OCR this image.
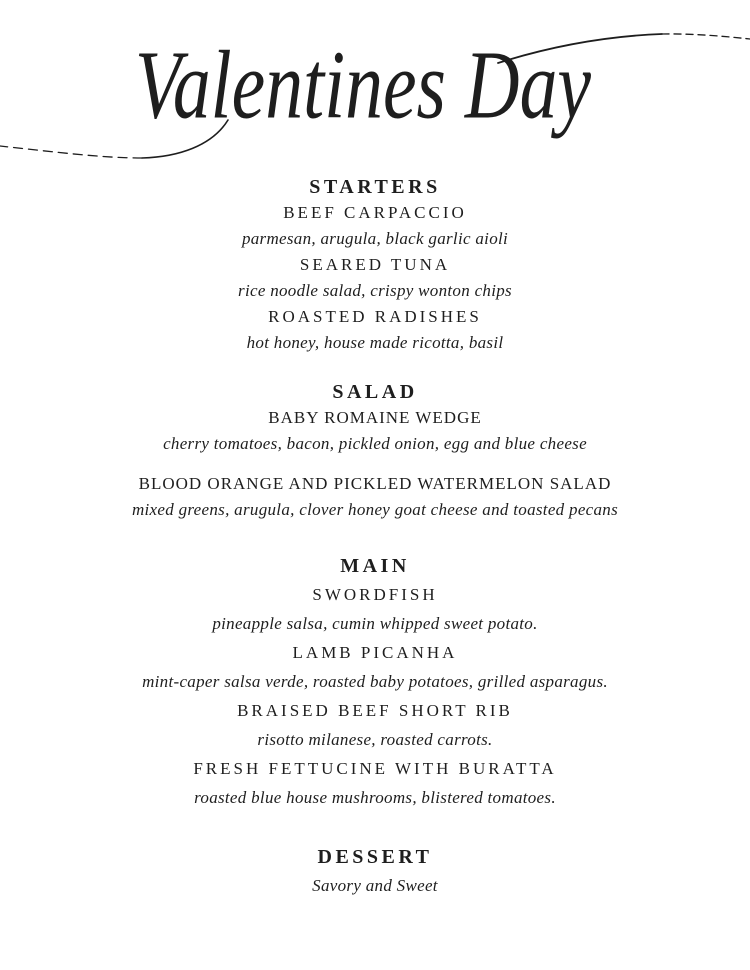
Valentines Day
STARTERS
BEEF CARPACCIO
parmesan, arugula, black garlic aioli
SEARED TUNA
rice noodle salad, crispy wonton chips
ROASTED RADISHES
hot honey, house made ricotta, basil
SALAD
BABY ROMAINE WEDGE
cherry tomatoes, bacon, pickled onion, egg and blue cheese
BLOOD ORANGE AND PICKLED WATERMELON SALAD
mixed greens, arugula, clover honey goat cheese and toasted pecans
MAIN
SWORDFISH
pineapple salsa, cumin whipped sweet potato.
LAMB PICANHA
mint-caper salsa verde, roasted baby potatoes, grilled asparagus.
BRAISED BEEF SHORT RIB
risotto milanese, roasted carrots.
FRESH FETTUCINE WITH BURATTA
roasted blue house mushrooms, blistered tomatoes.
DESSERT
Savory and Sweet
